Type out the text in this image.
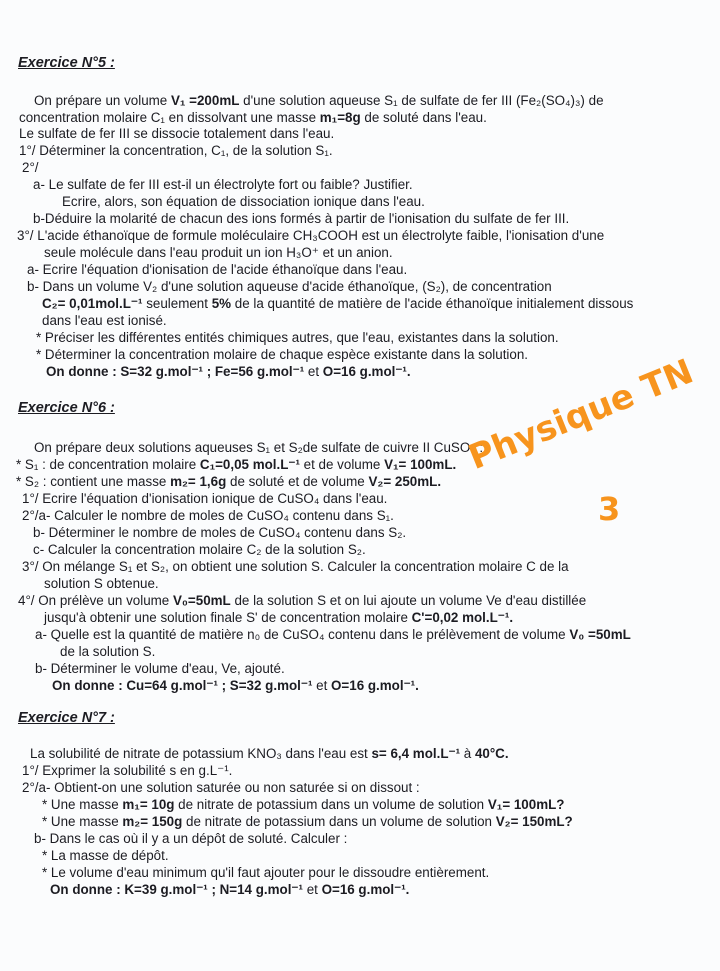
Exercice N°5 :
On prépare un volume V₁ =200mL d'une solution aqueuse S₁ de sulfate de fer III (Fe₂(SO₄)₃) de
concentration molaire C₁ en dissolvant une masse m₁=8g de soluté dans l'eau.
Le sulfate de fer III se dissocie totalement dans l'eau.
1°/ Déterminer la concentration, C₁, de la solution S₁.
2°/
a- Le sulfate de fer III est-il un électrolyte fort ou faible? Justifier.
Ecrire, alors, son équation de dissociation ionique dans l'eau.
b-Déduire la molarité de chacun des ions formés à partir de l'ionisation du sulfate de fer III.
3°/ L'acide éthanoïque de formule moléculaire CH₃COOH est un électrolyte faible, l'ionisation d'une
seule molécule dans l'eau produit un ion H₃O⁺ et un anion.
a- Ecrire l'équation d'ionisation de l'acide éthanoïque dans l'eau.
b- Dans un volume V₂ d'une solution aqueuse d'acide éthanoïque, (S₂), de concentration
C₂= 0,01mol.L⁻¹ seulement 5% de la quantité de matière de l'acide éthanoïque initialement dissous
dans l'eau est ionisé.
* Préciser les différentes entités chimiques autres, que l'eau, existantes dans la solution.
* Déterminer la concentration molaire de chaque espèce existante dans la solution.
On donne : S=32 g.mol⁻¹ ; Fe=56 g.mol⁻¹ et O=16 g.mol⁻¹.
Exercice N°6 :
On prépare deux solutions aqueuses S₁ et S₂de sulfate de cuivre II CuSO₄ :
* S₁ : de concentration molaire C₁=0,05 mol.L⁻¹ et de volume V₁= 100mL.
* S₂ : contient une masse m₂= 1,6g de soluté et de volume V₂= 250mL.
1°/ Ecrire l'équation d'ionisation ionique de CuSO₄ dans l'eau.
2°/a- Calculer le nombre de moles de CuSO₄ contenu dans S₁.
b- Déterminer le nombre de moles de CuSO₄ contenu dans S₂.
c- Calculer la concentration molaire C₂ de la solution S₂.
3°/ On mélange S₁ et S₂, on obtient une solution S. Calculer la concentration molaire C de la
solution S obtenue.
4°/ On prélève un volume V₀=50mL de la solution S et on lui ajoute un volume Ve d'eau distillée
jusqu'à obtenir une solution finale S' de concentration molaire C'=0,02 mol.L⁻¹.
a- Quelle est la quantité de matière n₀ de CuSO₄ contenu dans le prélèvement de volume V₀ =50mL
de la solution S.
b- Déterminer le volume d'eau, Ve, ajouté.
On donne : Cu=64 g.mol⁻¹ ; S=32 g.mol⁻¹ et O=16 g.mol⁻¹.
Exercice N°7 :
La solubilité de nitrate de potassium KNO₃ dans l'eau est s= 6,4 mol.L⁻¹ à 40°C.
1°/ Exprimer la solubilité s en g.L⁻¹.
2°/a- Obtient-on une solution saturée ou non saturée si on dissout :
* Une masse m₁= 10g de nitrate de potassium dans un volume de solution V₁= 100mL?
* Une masse m₂= 150g de nitrate de potassium dans un volume de solution V₂= 150mL?
b- Dans le cas où il y a un dépôt de soluté. Calculer :
* La masse de dépôt.
* Le volume d'eau minimum qu'il faut ajouter pour le dissoudre entièrement.
On donne : K=39 g.mol⁻¹ ; N=14 g.mol⁻¹ et O=16 g.mol⁻¹.
Physique TN
3
